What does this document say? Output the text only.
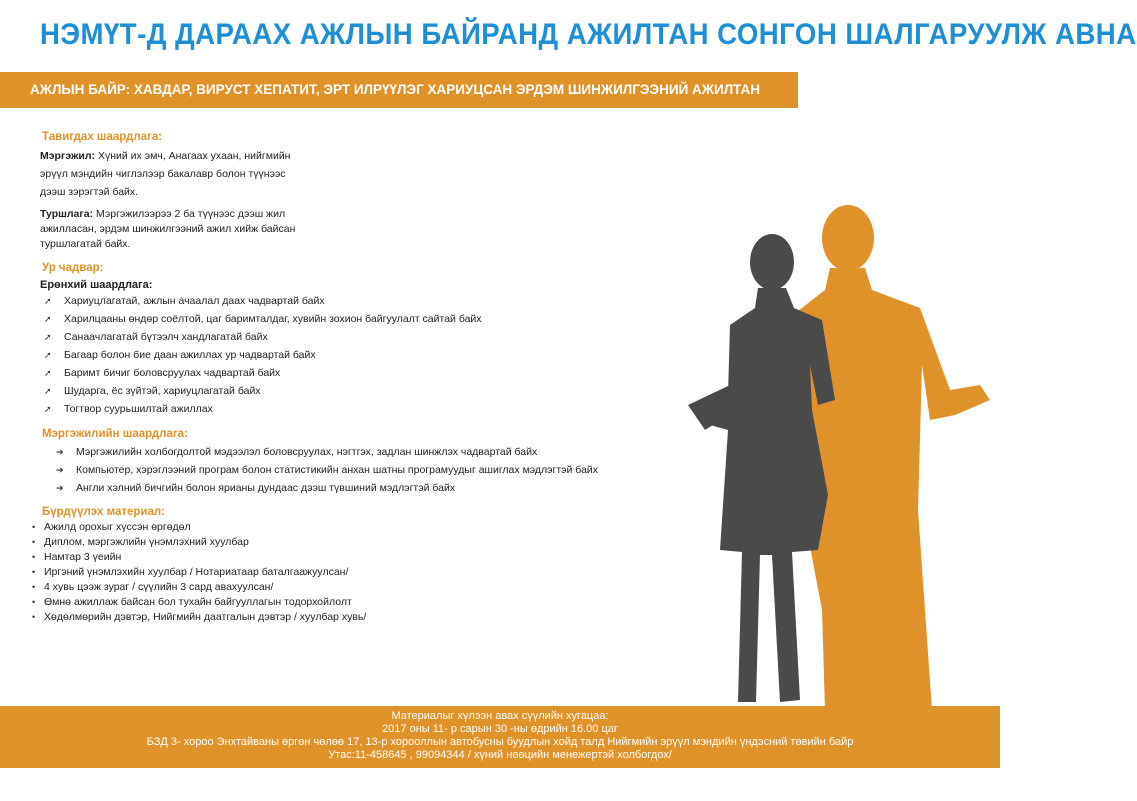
НЭМҮТ-Д ДАРААХ АЖЛЫН БАЙРАНД АЖИЛТАН СОНГОН ШАЛГАРУУЛЖ АВНА
АЖЛЫН БАЙР: ХАВДАР, ВИРУСТ ХЕПАТИТ, ЭРТ ИЛРҮҮЛЭГ ХАРИУЦСАН ЭРДЭМ ШИНЖИЛГЭЭНИЙ АЖИЛТАН
Тавигдах шаардлага:
Мэргэжил: Хүний их эмч, Анагаах ухаан, нийгмийн
эрүүл мэндийн чиглэлээр бакалавр болон түүнээс
дээш зэрэгтэй байх.
Туршлага: Мэргэжилээрээ 2 ба түүнээс дээш жил
ажилласан, эрдэм шинжилгээний ажил хийж байсан
туршлагатай байх.
Ур чадвар:
Ерөнхий шаардлага:
➚ Хариуцлагатай, ажлын ачаалал даах чадвартай байх
➚ Харилцааны өндөр соёлтой, цаг баримталдаг, хувийн зохион байгуулалт сайтай байх
➚ Санаачлагатай бүтээлч хандлагатай байх
➚ Багаар болон бие даан ажиллах ур чадвартай байх
➚ Баримт бичиг боловсруулах чадвартай байх
➚ Шударга, ёс зүйтэй, хариуцлагатай байх
➚ Тогтвор суурьшилтай ажиллах
Мэргэжилийн шаардлага:
➔ Мэргэжилийн холбогдолтой мэдээлэл боловсруулах, нэгтгэх, задлан шинжлэх чадвартай байх
➔ Компьютер, хэрэглээний програм болон статистикийн анхан шатны програмуудыг ашиглах мэдлэгтэй байх
➔ Англи хэлний бичгийн болон ярианы дундаас дээш түвшиний мэдлэгтэй байх
Бүрдүүлэх материал:
• Ажилд орохыг хүссэн өргөдөл
• Диплом, мэргэжлийн үнэмлэхний хуулбар
• Намтар 3 үеийн
• Иргэний үнэмлэхийн хуулбар / Нотариатаар баталгаажуулсан/
• 4 хувь цээж зураг / сүүлийн 3 сард авахуулсан/
• Өмнө ажиллаж байсан бол тухайн байгууллагын тодорхойлолт
• Хөдөлмөрийн дэвтэр, Нийгмийн даатгалын дэвтэр / хуулбар хувь/
Материалыг хүлээн авах сүүлийн хугацаа:
2017 оны 11- р сарын 30 -ны өдрийн 16.00 цаг
БЗД 3- хороо Энхтайваны өргөн чөлөө 17, 13-р хорооллын автобусны буудлын хойд талд Нийгмийн эрүүл мэндийн үндэсний төвийн байр
Утас:11-458645 , 99094344 / хүний нөөцийн менежертэй холбогдох/
